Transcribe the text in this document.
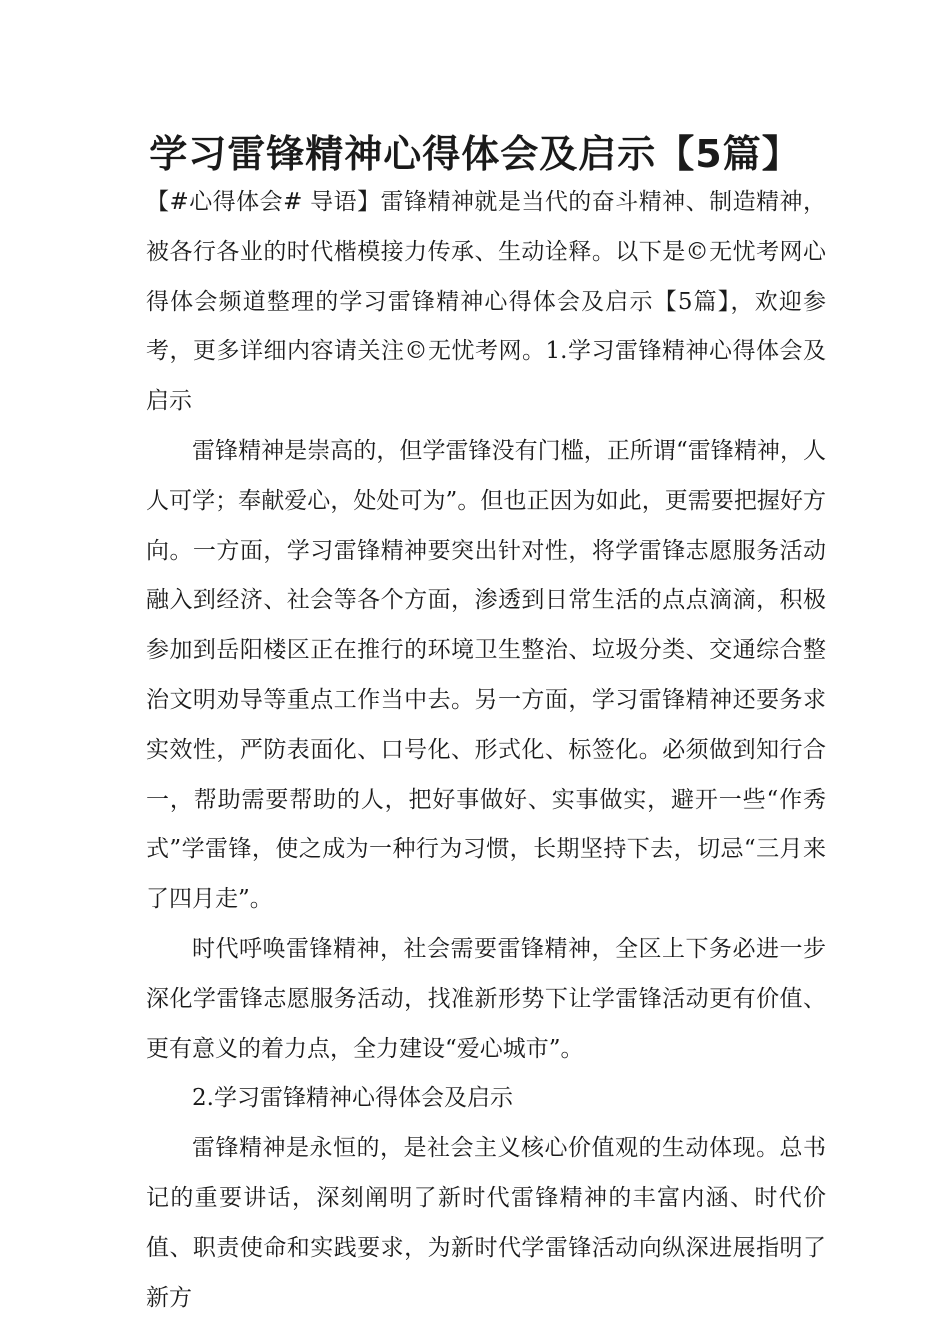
学习雷锋精神心得体会及启示【5篇】

【#心得体会# 导语】雷锋精神就是当代的奋斗精神、制造精神，被各行各业的时代楷模接力传承、生动诠释。以下是©无忧考网心得体会频道整理的学习雷锋精神心得体会及启示【5篇】，欢迎参考，更多详细内容请关注©无忧考网。1.学习雷锋精神心得体会及启示

雷锋精神是崇高的，但学雷锋没有门槛，正所谓“雷锋精神，人人可学；奉献爱心，处处可为”。但也正因为如此，更需要把握好方向。一方面，学习雷锋精神要突出针对性，将学雷锋志愿服务活动融入到经济、社会等各个方面，渗透到日常生活的点点滴滴，积极参加到岳阳楼区正在推行的环境卫生整治、垃圾分类、交通综合整治文明劝导等重点工作当中去。另一方面，学习雷锋精神还要务求实效性，严防表面化、口号化、形式化、标签化。必须做到知行合一，帮助需要帮助的人，把好事做好、实事做实，避开一些“作秀式”学雷锋，使之成为一种行为习惯，长期坚持下去，切忌“三月来了四月走”。

时代呼唤雷锋精神，社会需要雷锋精神，全区上下务必进一步深化学雷锋志愿服务活动，找准新形势下让学雷锋活动更有价值、更有意义的着力点，全力建设“爱心城市”。

2.学习雷锋精神心得体会及启示

雷锋精神是永恒的，是社会主义核心价值观的生动体现。总书记的重要讲话，深刻阐明了新时代雷锋精神的丰富内涵、时代价值、职责使命和实践要求，为新时代学雷锋活动向纵深进展指明了新方
